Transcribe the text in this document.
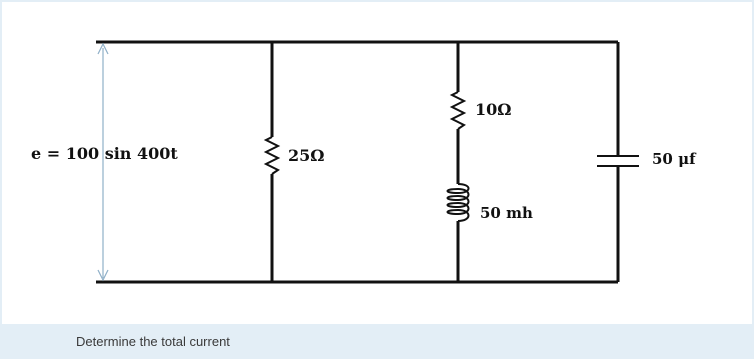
e = 100 sin 400t	25Ω

10Ω

50 mh

50 μf

Determine the total current
